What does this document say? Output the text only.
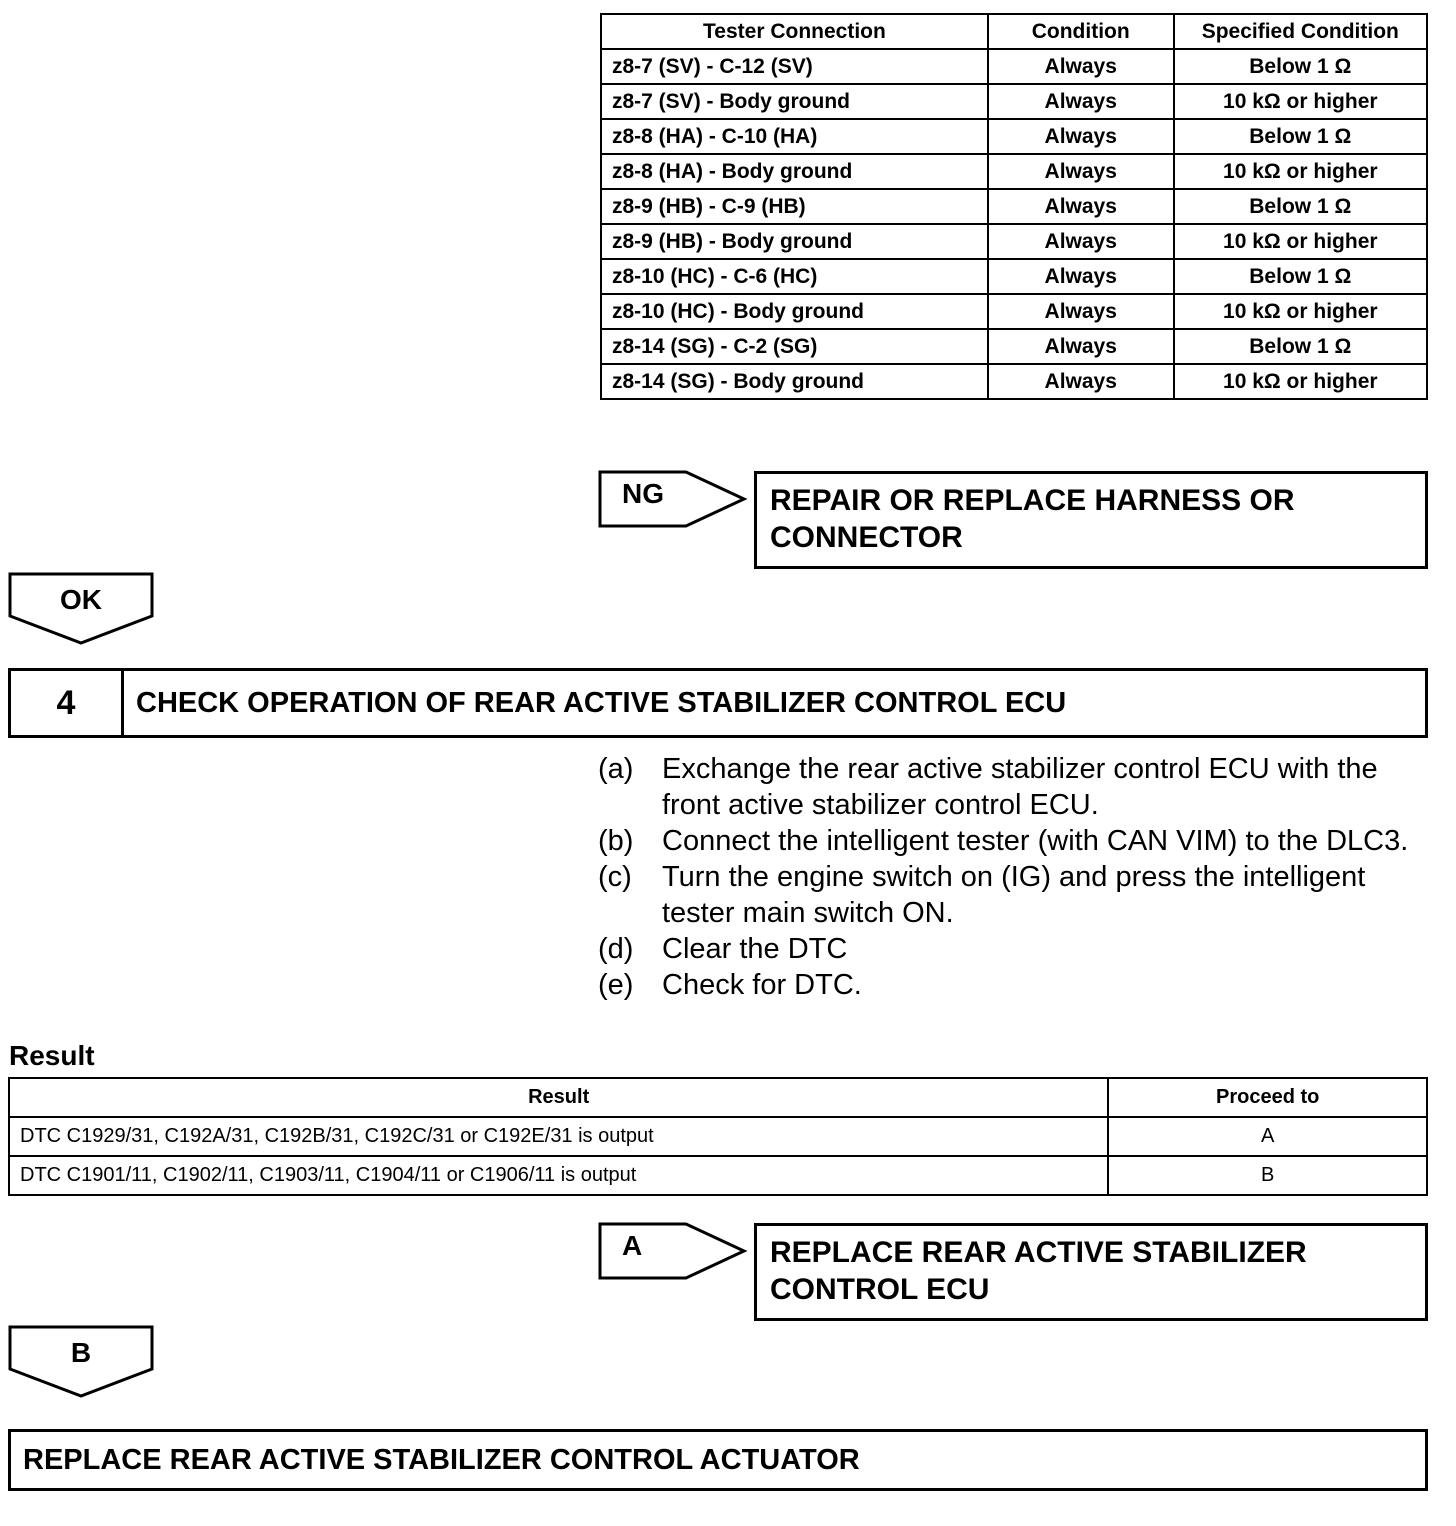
Tester Connection	Condition	Specified Condition
z8-7 (SV) - C-12 (SV)	Always	Below 1 Ω
z8-7 (SV) - Body ground	Always	10 kΩ or higher
z8-8 (HA) - C-10 (HA)	Always	Below 1 Ω
z8-8 (HA) - Body ground	Always	10 kΩ or higher
z8-9 (HB) - C-9 (HB)	Always	Below 1 Ω
z8-9 (HB) - Body ground	Always	10 kΩ or higher
z8-10 (HC) - C-6 (HC)	Always	Below 1 Ω
z8-10 (HC) - Body ground	Always	10 kΩ or higher
z8-14 (SG) - C-2 (SG)	Always	Below 1 Ω
z8-14 (SG) - Body ground	Always	10 kΩ or higher
NG	REPAIR OR REPLACE HARNESS OR
CONNECTOR
OK
4	CHECK OPERATION OF REAR ACTIVE STABILIZER CONTROL ECU
(a) Exchange the rear active stabilizer control ECU with the front active stabilizer control ECU.
(b) Connect the intelligent tester (with CAN VIM) to the DLC3.
(c)	Turn the engine switch on (IG) and press the intelligent tester main switch ON.
(d) Clear the DTC
(e) Check for DTC.
Result
Result	Proceed to
DTC C1929/31, C192A/31, C192B/31, C192C/31 or C192E/31 is output	A
DTC C1901/11, C1902/11, C1903/11, C1904/11 or C1906/11 is output	B
A	REPLACE REAR ACTIVE STABILIZER
CONTROL ECU
B
REPLACE REAR ACTIVE STABILIZER CONTROL ACTUATOR
